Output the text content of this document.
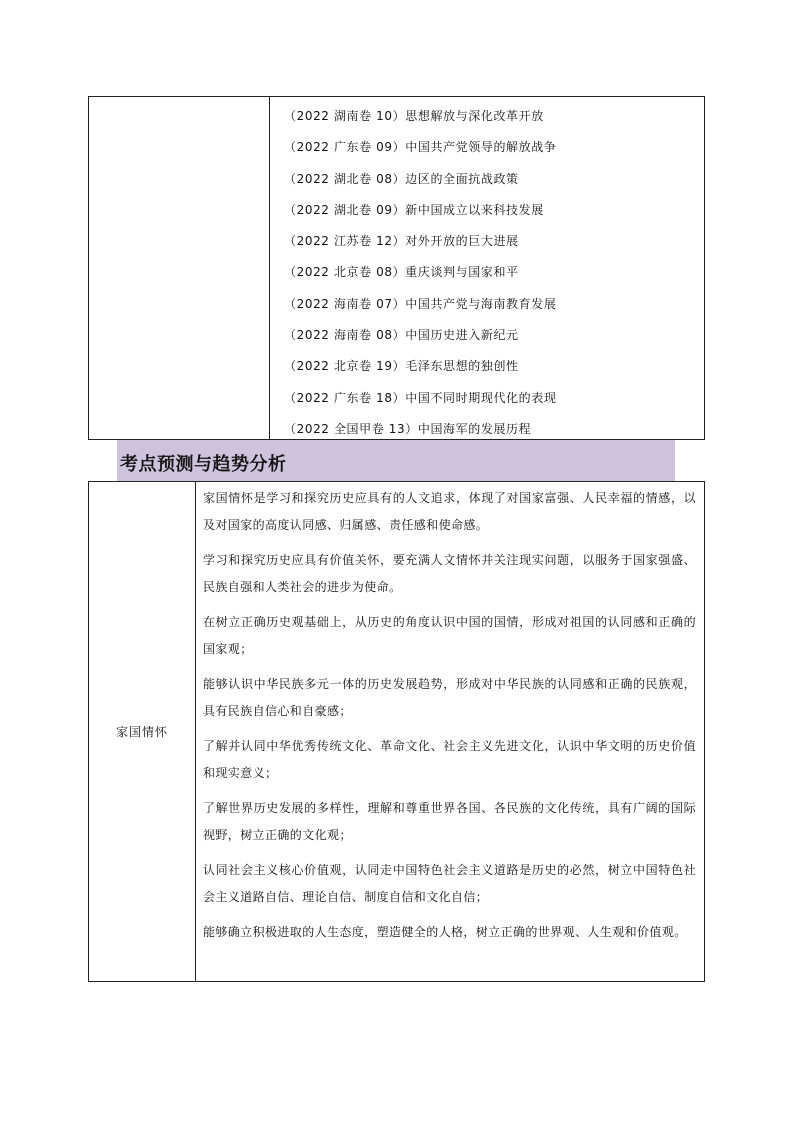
（2022 湖南卷 10）思想解放与深化改革开放
（2022 广东卷 09）中国共产党领导的解放战争
（2022 湖北卷 08）边区的全面抗战政策
（2022 湖北卷 09）新中国成立以来科技发展
（2022 江苏卷 12）对外开放的巨大进展
（2022 北京卷 08）重庆谈判与国家和平
（2022 海南卷 07）中国共产党与海南教育发展
（2022 海南卷 08）中国历史进入新纪元
（2022 北京卷 19）毛泽东思想的独创性
（2022 广东卷 18）中国不同时期现代化的表现
（2022 全国甲卷 13）中国海军的发展历程
考点预测与趋势分析
家国情怀

家国情怀是学习和探究历史应具有的人文追求，体现了对国家富强、人民幸福的情感，以及对国家的高度认同感、归属感、责任感和使命感。

学习和探究历史应具有价值关怀，要充满人文情怀并关注现实问题，以服务于国家强盛、民族自强和人类社会的进步为使命。

在树立正确历史观基础上，从历史的角度认识中国的国情，形成对祖国的认同感和正确的国家观；

能够认识中华民族多元一体的历史发展趋势，形成对中华民族的认同感和正确的民族观，具有民族自信心和自豪感；

了解并认同中华优秀传统文化、革命文化、社会主义先进文化，认识中华文明的历史价值和现实意义；

了解世界历史发展的多样性，理解和尊重世界各国、各民族的文化传统，具有广阔的国际视野，树立正确的文化观；

认同社会主义核心价值观，认同走中国特色社会主义道路是历史的必然，树立中国特色社会主义道路自信、理论自信、制度自信和文化自信；

能够确立积极进取的人生态度，塑造健全的人格，树立正确的世界观、人生观和价值观。
